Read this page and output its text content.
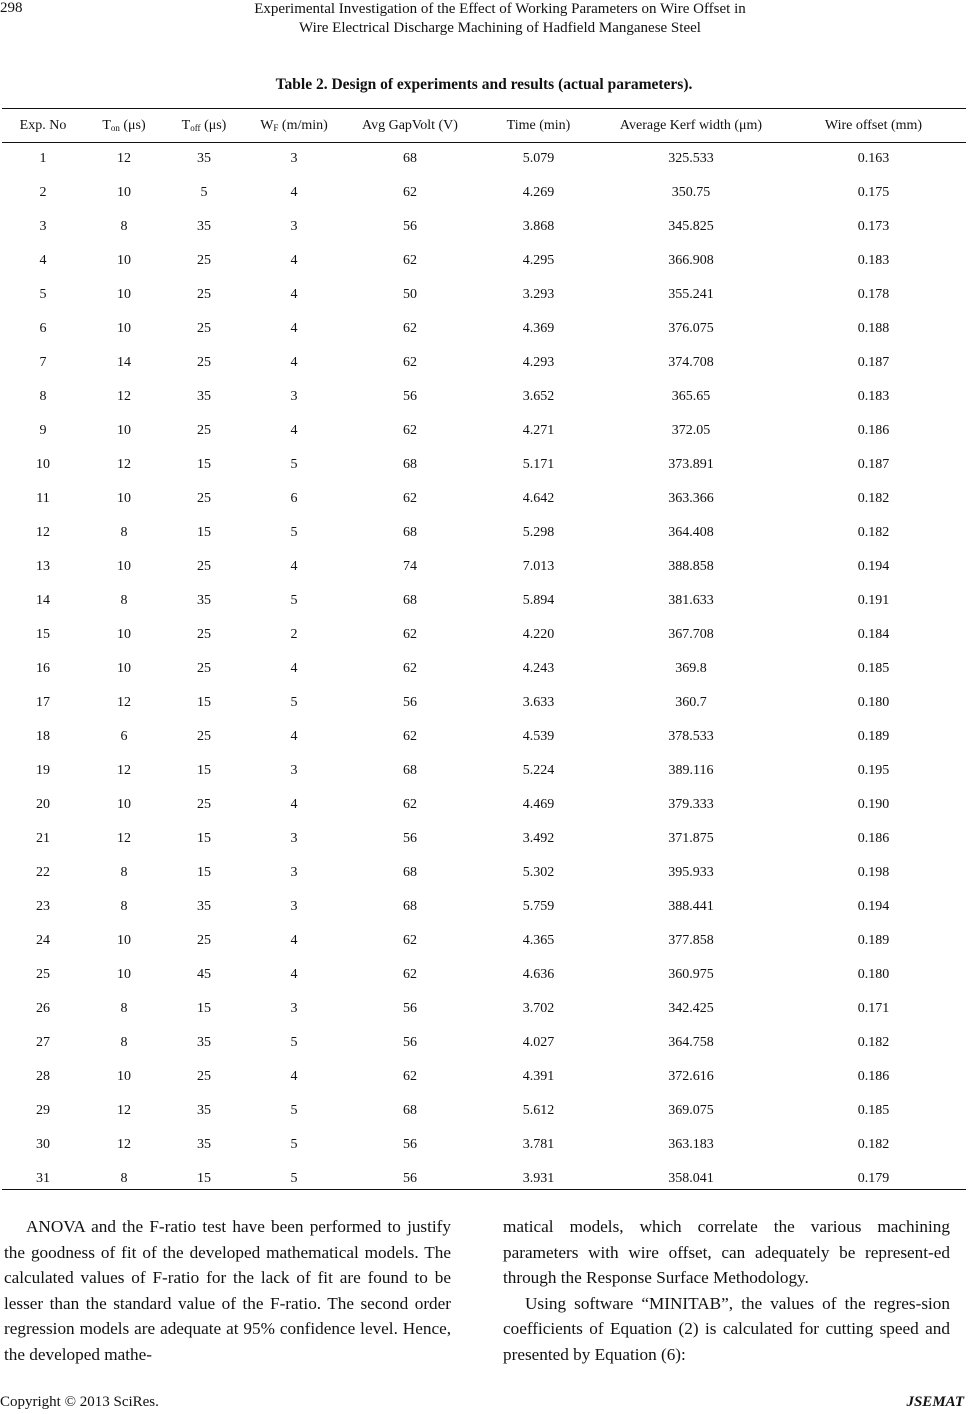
298	Experimental Investigation of the Effect of Working Parameters on Wire Offset in
Wire Electrical Discharge Machining of Hadfield Manganese Steel
Table 2. Design of experiments and results (actual parameters).
Exp. No	$T_{on}$ (μs)	$T_{off}$ (μs)	$W_F$ (m/min)	Avg GapVolt (V)	Time (min)	Average Kerf width (μm)	Wire offset (mm)
1	12	35	3	68	5.079	325.533	0.163
2	10	5	4	62	4.269	350.75	0.175
3	8	35	3	56	3.868	345.825	0.173
4	10	25	4	62	4.295	366.908	0.183
5	10	25	4	50	3.293	355.241	0.178
6	10	25	4	62	4.369	376.075	0.188
7	14	25	4	62	4.293	374.708	0.187
8	12	35	3	56	3.652	365.65	0.183
9	10	25	4	62	4.271	372.05	0.186
10	12	15	5	68	5.171	373.891	0.187
11	10	25	6	62	4.642	363.366	0.182
12	8	15	5	68	5.298	364.408	0.182
13	10	25	4	74	7.013	388.858	0.194
14	8	35	5	68	5.894	381.633	0.191
15	10	25	2	62	4.220	367.708	0.184
16	10	25	4	62	4.243	369.8	0.185
17	12	15	5	56	3.633	360.7	0.180
18	6	25	4	62	4.539	378.533	0.189
19	12	15	3	68	5.224	389.116	0.195
20	10	25	4	62	4.469	379.333	0.190
21	12	15	3	56	3.492	371.875	0.186
22	8	15	3	68	5.302	395.933	0.198
23	8	35	3	68	5.759	388.441	0.194
24	10	25	4	62	4.365	377.858	0.189
25	10	45	4	62	4.636	360.975	0.180
26	8	15	3	56	3.702	342.425	0.171
27	8	35	5	56	4.027	364.758	0.182
28	10	25	4	62	4.391	372.616	0.186
29	12	35	5	68	5.612	369.075	0.185
30	12	35	5	56	3.781	363.183	0.182
31	8	15	5	56	3.931	358.041	0.179

ANOVA and the F-ratio test have been performed to justify the goodness of fit of the developed mathematical models. The calculated values of F-ratio for the lack of fit are found to be lesser than the standard value of the F-ratio. The second order regression models are adequate at 95% confidence level. Hence, the developed mathe-

matical models, which correlate the various machining parameters with wire offset, can adequately be represent-ed through the Response Surface Methodology.

Using software “MINITAB”, the values of the regres-sion coefficients of Equation (2) is calculated for cutting speed and presented by Equation (6):

Copyright © 2013 SciRes.	JSEMAT
